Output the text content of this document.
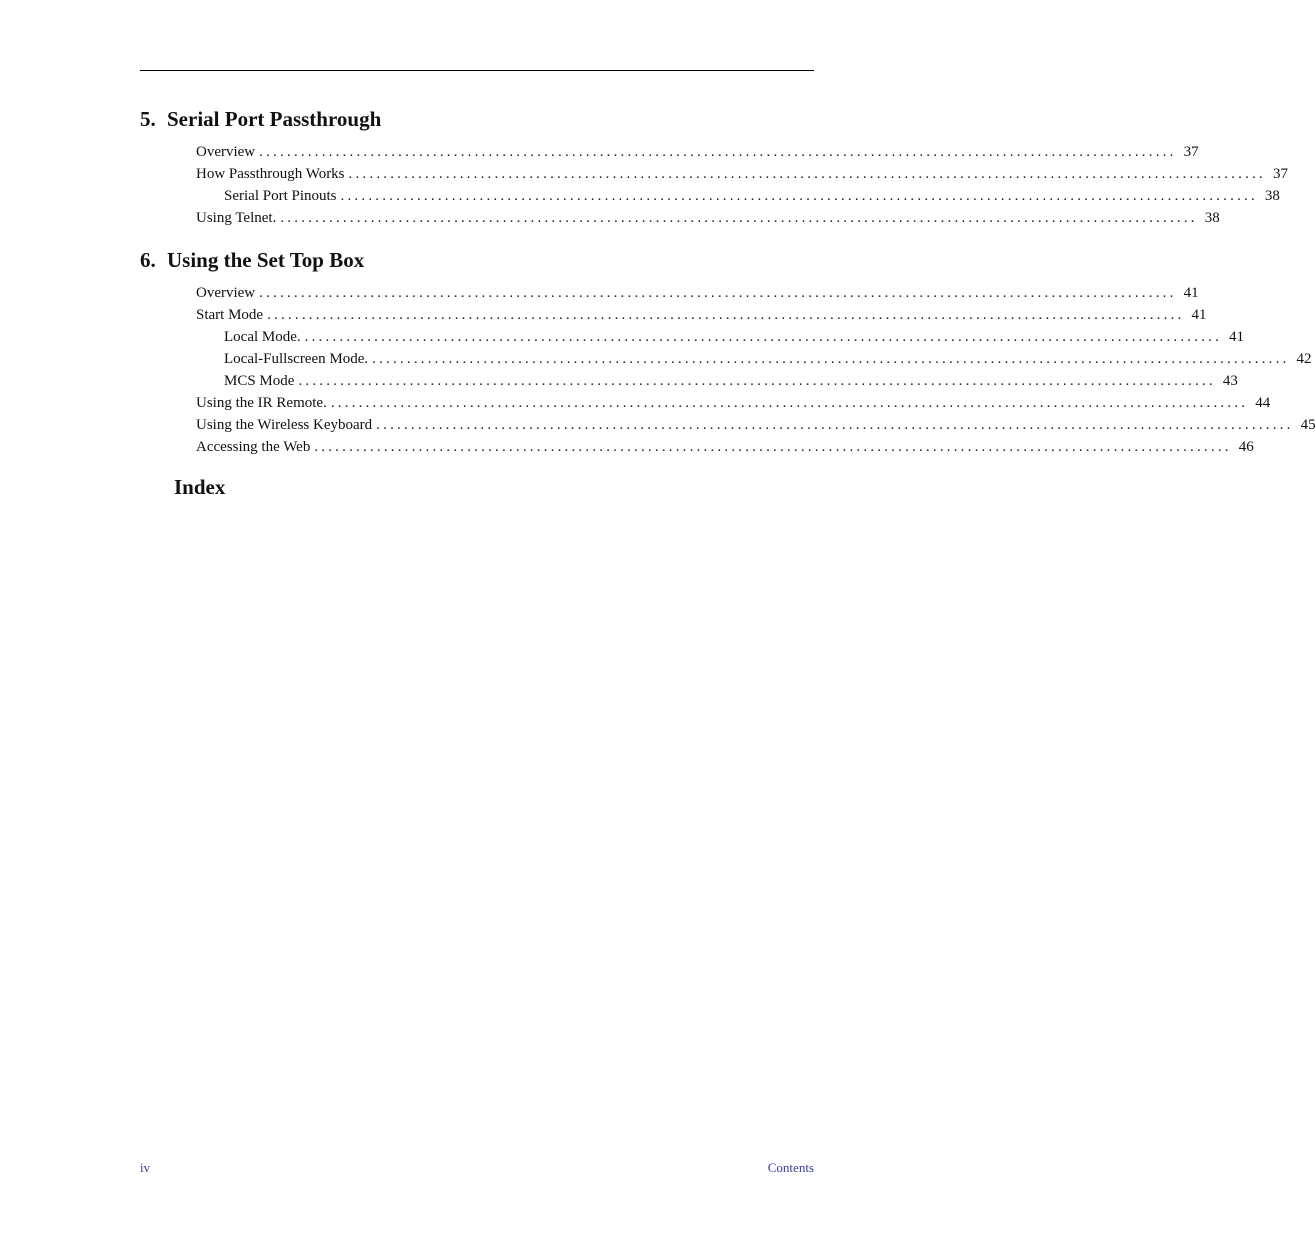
5. Serial Port Passthrough
Overview .................................................................................................................................... 37
How Passthrough Works .................................................................................................................................... 37
Serial Port Pinouts .................................................................................................................................... 38
Using Telnet. .................................................................................................................................... 38
6. Using the Set Top Box
Overview .................................................................................................................................... 41
Start Mode .................................................................................................................................... 41
Local Mode. .................................................................................................................................... 41
Local-Fullscreen Mode. .................................................................................................................................... 42
MCS Mode .................................................................................................................................... 43
Using the IR Remote. .................................................................................................................................... 44
Using the Wireless Keyboard .................................................................................................................................... 45
Accessing the Web .................................................................................................................................... 46
Index
iv	Contents
